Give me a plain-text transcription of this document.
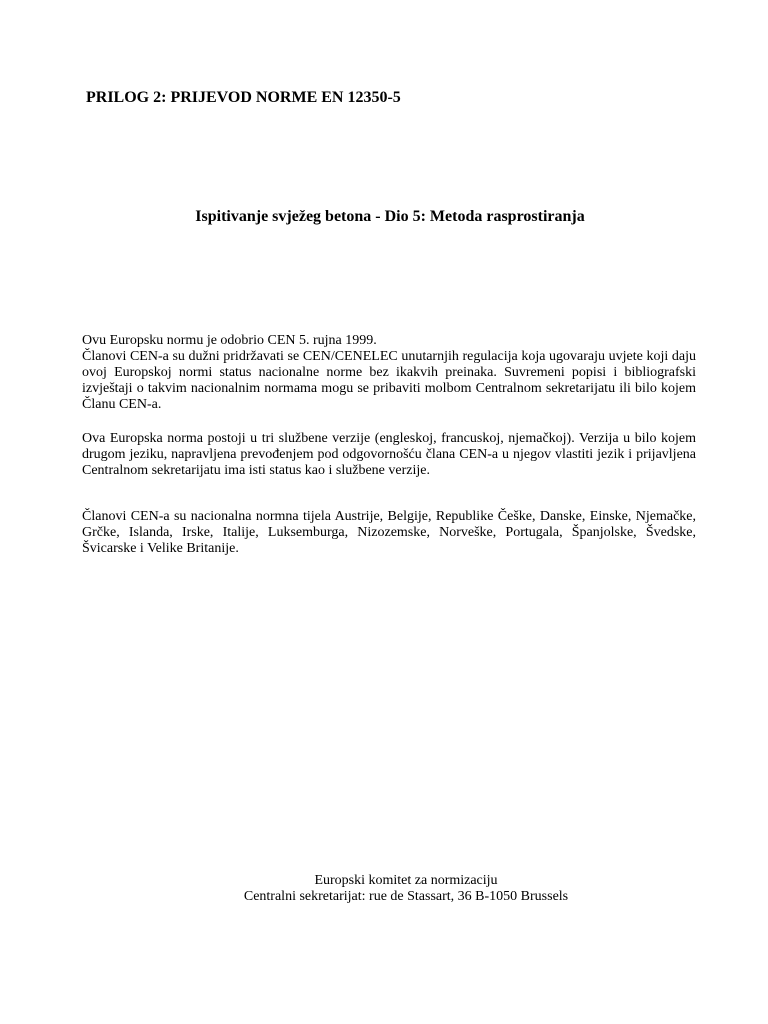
PRILOG 2: PRIJEVOD NORME EN 12350-5
Ispitivanje svježeg betona - Dio 5: Metoda rasprostiranja

Ovu Europsku normu je odobrio CEN 5. rujna 1999.

Članovi CEN-a su dužni pridržavati se CEN/CENELEC unutarnjih regulacija koja ugovaraju uvjete koji daju ovoj Europskoj normi status nacionalne norme bez ikakvih preinaka. Suvremeni popisi i bibliografski izvještaji o takvim nacionalnim normama mogu se pribaviti molbom Centralnom sekretarijatu ili bilo kojem Članu CEN-a.

Ova Europska norma postoji u tri službene verzije (engleskoj, francuskoj, njemačkoj). Verzija u bilo kojem drugom jeziku, napravljena prevođenjem pod odgovornošću člana CEN-a u njegov vlastiti jezik i prijavljena Centralnom sekretarijatu ima isti status kao i službene verzije.

Članovi CEN-a su nacionalna normna tijela Austrije, Belgije, Republike Češke, Danske, Einske, Njemačke, Grčke, Islanda, Irske, Italije, Luksemburga, Nizozemske, Norveške, Portugala, Španjolske, Švedske, Švicarske i Velike Britanije.

Europski komitet za normizaciju
Centralni sekretarijat: rue de Stassart, 36 B-1050 Brussels
